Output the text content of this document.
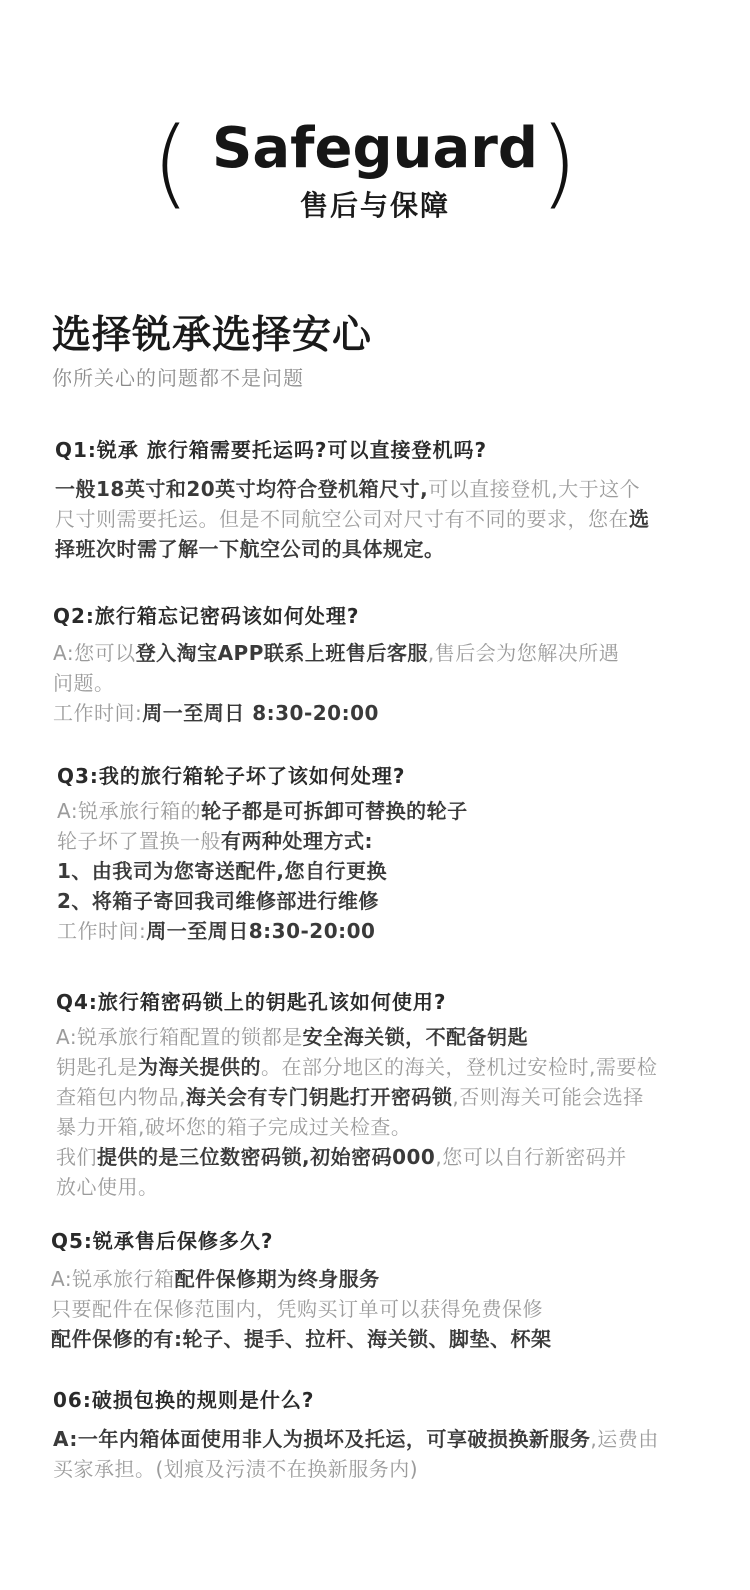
( Safeguard
售后与保障 )
选择锐承选择安心
你所关心的问题都不是问题
Q1:锐承 旅行箱需要托运吗?可以直接登机吗?
一般18英寸和20英寸均符合登机箱尺寸,可以直接登机,大于这个
尺寸则需要托运。但是不同航空公司对尺寸有不同的要求，您在选
择班次时需了解一下航空公司的具体规定。
Q2:旅行箱忘记密码该如何处理?
A:您可以登入淘宝APP联系上班售后客服,售后会为您解决所遇
问题。
工作时间:周一至周日 8:30-20:00
Q3:我的旅行箱轮子坏了该如何处理?
A:锐承旅行箱的轮子都是可拆卸可替换的轮子
轮子坏了置换一般有两种处理方式:
1、由我司为您寄送配件,您自行更换
2、将箱子寄回我司维修部进行维修
工作时间:周一至周日8:30-20:00
Q4:旅行箱密码锁上的钥匙孔该如何使用?
A:锐承旅行箱配置的锁都是安全海关锁，不配备钥匙
钥匙孔是为海关提供的。在部分地区的海关，登机过安检时,需要检
查箱包内物品,海关会有专门钥匙打开密码锁,否则海关可能会选择
暴力开箱,破坏您的箱子完成过关检查。
我们提供的是三位数密码锁,初始密码000,您可以自行新密码并
放心使用。
Q5:锐承售后保修多久?
A:锐承旅行箱配件保修期为终身服务
只要配件在保修范围内，凭购买订单可以获得免费保修
配件保修的有:轮子、提手、拉杆、海关锁、脚垫、杯架
06:破损包换的规则是什么?
A:一年内箱体面使用非人为损坏及托运，可享破损换新服务,运费由
买家承担。(划痕及污渍不在换新服务内)
